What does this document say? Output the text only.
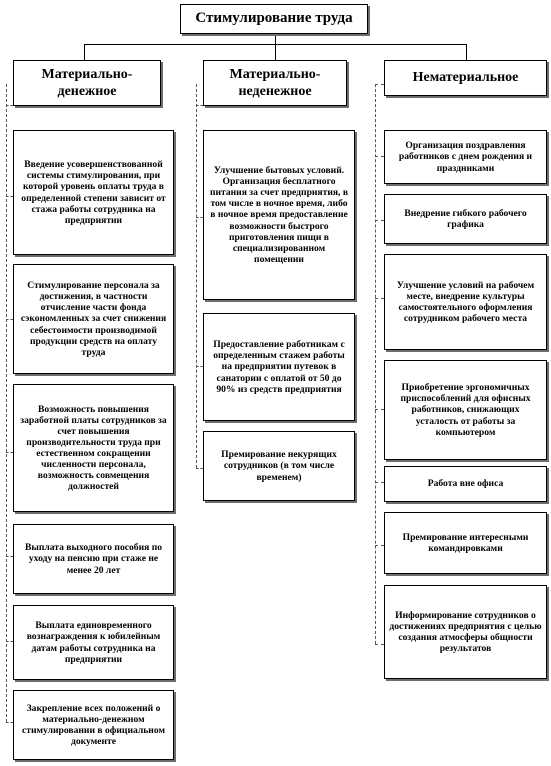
Стимулирование труда
Материально-
денежное
Материально-
неденежное
Нематериальное
Введение усовершенствованной системы стимулирования, при которой уровень оплаты труда в определенной степени зависит от стажа работы сотрудника на предприятии
Стимулирование персонала за достижения, в частности отчисление части фонда сэкономленных за счет снижения себестоимости производимой продукции средств на оплату труда
Возможность повышения заработной платы сотрудников за счет повышения производительности труда при естественном сокращении численности персонала, возможность совмещения должностей
Выплата выходного пособия по уходу на пенсию при стаже не менее 20 лет
Выплата единовременного вознаграждения к юбилейным датам работы сотрудника на предприятии
Закрепление всех положений о материально-денежном стимулировании в официальном документе
Улучшение бытовых условий. Организация бесплатного питания за счет предприятия, в том числе в ночное время, либо в ночное время предоставление возможности быстрого приготовления пищи в специализированном помещении
Предоставление работникам с определенным стажем работы на предприятии путевок в санатории с оплатой от 50 до 90% из средств предприятия
Премирование некурящих сотрудников (в том числе временем)
Организация поздравления работников с днем рождения и праздниками
Внедрение гибкого рабочего графика
Улучшение условий на рабочем месте, внедрение культуры самостоятельного оформления сотрудником рабочего места
Приобретение эргономичных приспособлений для офисных работников, снижающих усталость от работы за компьютером
Работа вне офиса
Премирование интересными командировками
Информирование сотрудников о достижениях предприятия с целью создания атмосферы общности результатов
